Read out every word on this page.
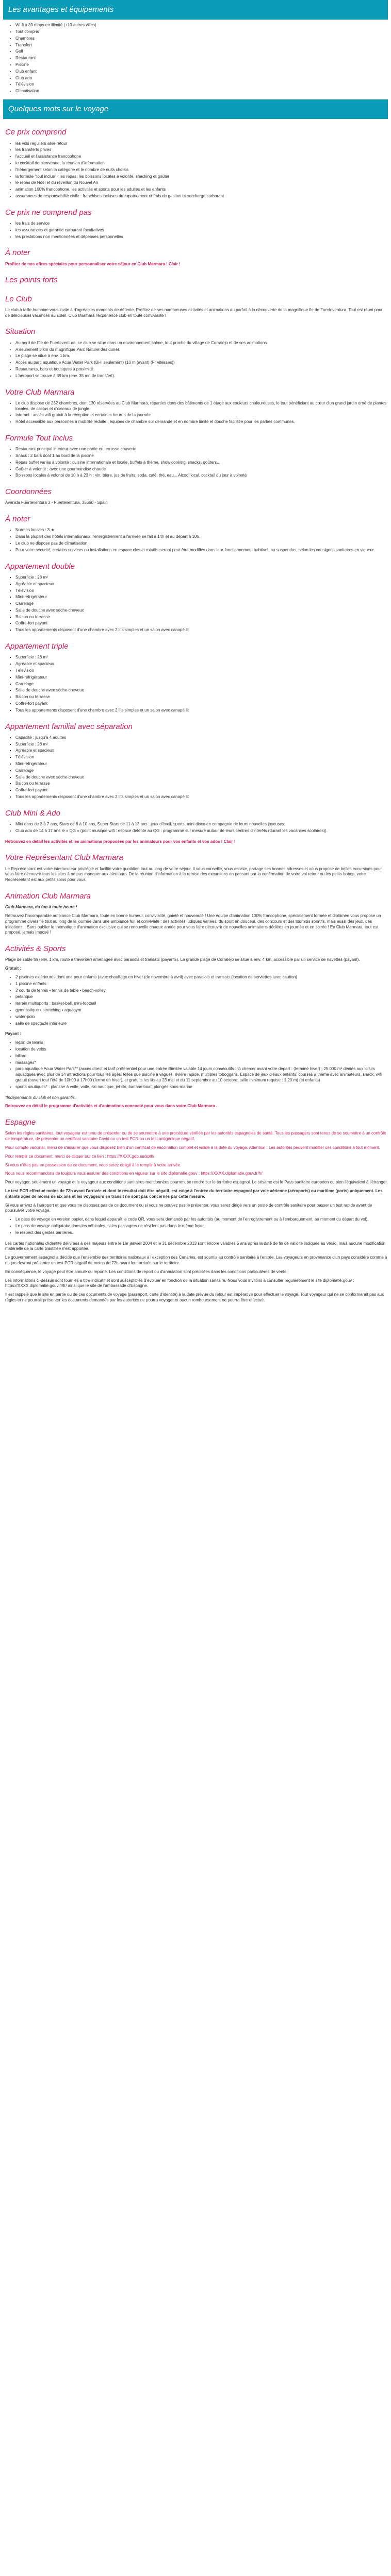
Les avantages et équipements
• Wi-fi à 30 mbps en illimité (+10 autres villes)
• Tout compris
• Chambres
• Transfert
• Golf
• Restaurant
• Piscine
• Club enfant
• Club ado
• Télévision
• Climatisation
Quelques mots sur le voyage
Ce prix comprend
• les vols réguliers aller-retour
• les transferts privés
• l'accueil et l'assistance francophone
• le cocktail de bienvenue, la réunion d'information
• l'hébergement selon la catégorie et le nombre de nuits choisis
• la formule "tout inclus" : les repas, les boissons locales à volonté, snacking et goûter
• le repas de Noël et du réveillon du Nouvel An
• animation 100% francophone, les activités et sports pour les adultes et les enfants
• assurances de responsabilité civile : franchises incluses de rapatriement et frais de gestion et surcharge carburant
Ce prix ne comprend pas
• les frais de service
• les assurances et garantie carburant facultatives
• les prestations non mentionnées et dépenses personnelles
À noter

Profitez de nos offres spéciales pour personnaliser votre séjour en Club Marmara ! Clair !

Les points forts
Le Club

Le club à taille humaine vous invite à d'agréables moments de détente. Profitez de ses nombreuses activités et animations au parfait à la découverte de la magnifique île de Fuerteventura. Tout est réuni pour de délicieuses vacances au soleil. Club Marmara l'expérience club en toute convivialité !

Situation
• Au nord de l'île de Fuerteventura, ce club se situe dans un environnement calme, tout proche du village de Corralejo et de ses animations.
• A seulement 3 km du magnifique Parc Naturel des dunes
• Le plage se situe à env. 1 km.
• Accès au parc aquatique Acua Water Park (Bi-li seulement) (10 m (avant) (Fr vitesses))
• Restaurants, bars et boutiques à proximité
• L'aéroport se trouve à 39 km (env. 35 mn de transfert).
Votre Club Marmara
• Le club dispose de 232 chambres, dont 130 réservées au Club Marmara, réparties dans des bâtiments de 1 étage aux couleurs chaleureuses, le tout bénéficiant au cœur d'un grand jardin orné de plantes locales, de cactus et d'oiseaux de jungle.
• Internet : accès wifi gratuit à la réception et certaines heures de la journée.
• Hôtel accessible aux personnes à mobilité réduite : équipes de chambre sur demande et en nombre limité et douche facilitée pour les parties communes.
Formule Tout Inclus
• Restaurant principal intérieur avec une partie en terrasse couverte
• Snack : 2 bars dont 1 au bord de la piscine
• Repas buffet variés à volonté : cuisine internationale et locale, buffets à thème, show cooking, snacks, goûters...
• Goûter à volonté : avec une gourmandise chaude
• Boissons locales à volonté de 10 h à 23 h : vin, bière, jus de fruits, soda, café, thé, eau... Alcool local, cocktail du jour à volonté
Coordonnées

Avenida Fuerteventura 3 - Fuerteventura, 35660 - Spain

À noter
• Normes locales : 3 ★
• Dans la plupart des hôtels internationaux, l'enregistrement à l'arrivée se fait à 14h et au départ à 10h.
• Le club ne dispose pas de climatisation.
• Pour votre sécurité, certains services ou installations en espace clos et rotatifs seront peut-être modifiés dans leur fonctionnement habituel, ou suspendus, selon les consignes sanitaires en vigueur.
Appartement double
▪ Superficie : 28 m²
▪ Agréable et spacieux
▪ Télévision
▪ Mini-réfrigérateur
▪ Carrelage
▪ Salle de douche avec sèche-cheveux
▪ Balcon ou terrasse
▪ Coffre-fort payant
▪ Tous les appartements disposent d'une chambre avec 2 lits simples et un salon avec canapé lit
Appartement triple
▪ Superficie : 28 m²
▪ Agréable et spacieux
▪ Télévision
▪ Mini-réfrigérateur
▪ Carrelage
▪ Salle de douche avec sèche-cheveux
▪ Balcon ou terrasse
▪ Coffre-fort payant
▪ Tous les appartements disposent d'une chambre avec 2 lits simples et un salon avec canapé lit
Appartement familial avec séparation
▪ Capacité : jusqu'à 4 adultes
▪ Superficie : 28 m²
▪ Agréable et spacieux
▪ Télévision
▪ Mini-réfrigérateur
▪ Carrelage
▪ Salle de douche avec sèche-cheveux
▪ Balcon ou terrasse
▪ Coffre-fort payant
▪ Tous les appartements disposent d'une chambre avec 2 lits simples et un salon avec canapé lit
Club Mini & Ado
• Mini dans de 3 à 7 ans, Stars de 8 à 10 ans, Super Stars de 11 à 13 ans : jeux d'éveil, sports, mini disco en compagnie de leurs nouvelles joyeuses.
• Club ado de 14 à 17 ans le « QG » (point musique wifi : espace détente au QG : programme sur mesure autour de leurs centres d'intérêts (durant les vacances scolaires)).

Retrouvez en détail les activités et les animations proposées par les animateurs pour vos enfants et vos ados ! Clair !

Votre Représentant Club Marmara

Le Représentant est votre interlocuteur privilégié et facilite votre quotidien tout au long de votre séjour. Il vous conseille, vous assiste, partage ses bonnes adresses et vous propose de belles excursions pour vous faire découvrir tous les sites à ne pas manquer aux alentours. De la réunion d'information à la remise des excursions en passant par la confirmation de votre vol retour ou les petits bobos, votre Représentant est aux petits soins pour vous.

Animation Club Marmara

Club Marmara, du fun à toute heure !

Retrouvez l'incomparable ambiance Club Marmara, toute en bonne humeur, convivialité, gaieté et nouveauté ! Une équipe d'animation 100% francophone, spécialement formée et diplômée vous propose un programme diversifié tout au long de la journée dans une ambiance fun et conviviale : des activités ludiques variées, du sport en douceur, des concours et des tournois sportifs, mais aussi des jeux, des initiations... Sans oublier le thématique d'animation exclusive qui se renouvelle chaque année pour vous faire découvrir de nouvelles animations dédiées en journée et en soirée ! En Club Marmara, tout est proposé, jamais imposé !

Activités & Sports

Plage de sable fin (env. 1 km, route à traverser) aménagée avec parasols et transats (payants). La grande plage de Corralejo se situe à env. 4 km, accessible par un service de navettes (payant).

Gratuit :

• 2 piscines extérieures dont une pour enfants (avec chauffage en hiver (de novembre à avril) avec parasols et transats (location de serviettes avec caution)
• 1 piscine enfants
• 2 courts de tennis ▪ tennis de table ▪ beach-volley
• pétanque
• terrain multisports : basket-ball, mini-football
• gymnastique ▪ stretching ▪ aquagym
• water-polo
• salle de spectacle intérieure

Payant :

• leçon de tennis
• location de vélos
• billard
• massages*
• parc aquatique Acua Water Park** (accès direct et tarif préférentiel pour une entrée illimitée valable 14 jours consécutifs : ¼ chercer avant votre départ : (terminé hiver) ; 25.000 m² dédiés aux loisirs aquatiques avec plus de 14 attractions pour tous les âges, telles que piscine à vagues, rivière rapide, multiples toboggans. Espace de jeux d'eaux enfants, courses à thème avec animateurs, snack, wifi gratuit (ouvert tout l'été de 10h00 à 17h00 (fermé en hiver), et gratuits les lits au 23 mai et du 11 septembre au 10 octobre, taille minimum requise : 1,20 m) (et enfants)
• sports nautiques* : planche à voile, voile, ski nautique, jet ski, banane boat, plongée sous-marine

*Indépendants du club et non garantis.

Retrouvez en détail le programme d'activités et d'animations concocté pour vous dans votre Club Marmara .

Espagne

Selon les règles sanitaires, tout voyageur est tenu de présenter ou de se soumettre à une procédure vérifiée par les autorités espagnoles de santé. Tous les passagers sont tenus de se soumettre à un contrôle de température, de présenter un certificat sanitaire Covid ou un test PCR ou un test antigénique négatif.

Pour compte vaccinal, merci de s'assurer que vous disposez bien d'un certificat de vaccination complet et valide à la date du voyage. Attention : Les autorités peuvent modifier ces conditions à tout moment.

Pour remplir ce document, merci de cliquer sur ce lien : https://XXXX.gob.es/spth/

Si vous n'êtes pas en possession de ce document, vous serez obligé à le remplir à votre arrivée.

Nous vous recommandons de toujours vous assurer des conditions en vigueur sur le site diplomatie.gouv : https://XXXX.diplomatie.gouv.fr/fr/

Pour voyager, seulement un voyage et le voyageur aux conditions sanitaires mentionnées pourront se rendre sur le territoire espagnol. Le sésame est le Pass sanitaire européen ou bien l'équivalent à l'étranger.

Le test PCR effectué moins de 72h avant l'arrivée et dont le résultat doit être négatif, est exigé à l'entrée du territoire espagnol par voie aérienne (aéroports) ou maritime (ports) uniquement. Les enfants âgés de moins de six ans et les voyageurs en transit ne sont pas concernés par cette mesure.

Si vous arrivez à l'aéroport et que vous ne disposez pas de ce document ou si vous ne pouvez pas le présenter, vous serez dirigé vers un poste de contrôle sanitaire pour passer un test rapide avant de poursuivre votre voyage.

• Le pass de voyage en version papier, dans lequel apparaît le code QR, vous sera demandé par les autorités (au moment de l'enregistrement ou à l'embarquement, au moment du départ du vol).
• Le pass de voyage obligatoire dans les véhicules, si les passagers ne résident pas dans le même foyer.
• le respect des gestes barrières.

Les cartes nationales d'identité délivrées à des majeurs entre le 1er janvier 2004 et le 31 décembre 2013 sont encore valables 5 ans après la date de fin de validité indiquée au verso, mais aucune modification matérielle de la carte plastifiée n'est apportée.

Le gouvernement espagnol a décidé que l'ensemble des territoires nationaux à l'exception des Canaries, est soumis au contrôle sanitaire à l'entrée. Les voyageurs en provenance d'un pays considéré comme à risque devront présenter un test PCR négatif de moins de 72h avant leur arrivée sur le territoire.

En conséquence, le voyage peut être annulé ou reporté. Les conditions de report ou d'annulation sont précisées dans les conditions particulières de vente.

Les informations ci-dessus sont fournies à titre indicatif et sont susceptibles d'évoluer en fonction de la situation sanitaire. Nous vous invitons à consulter régulièrement le site diplomatie.gouv : https://XXXX.diplomatie.gouv.fr/fr/ ainsi que le site de l'ambassade d'Espagne.

Il est rappelé que le site en partie ou de ces documents de voyage (passeport, carte d'identité) à la date prévue du retour est impérative pour effectuer le voyage. Tout voyageur qui ne se conformerait pas aux règles et ne pourrait présenter les documents demandés par les autorités ne pourra voyager et aucun remboursement ne pourra être effectué.
